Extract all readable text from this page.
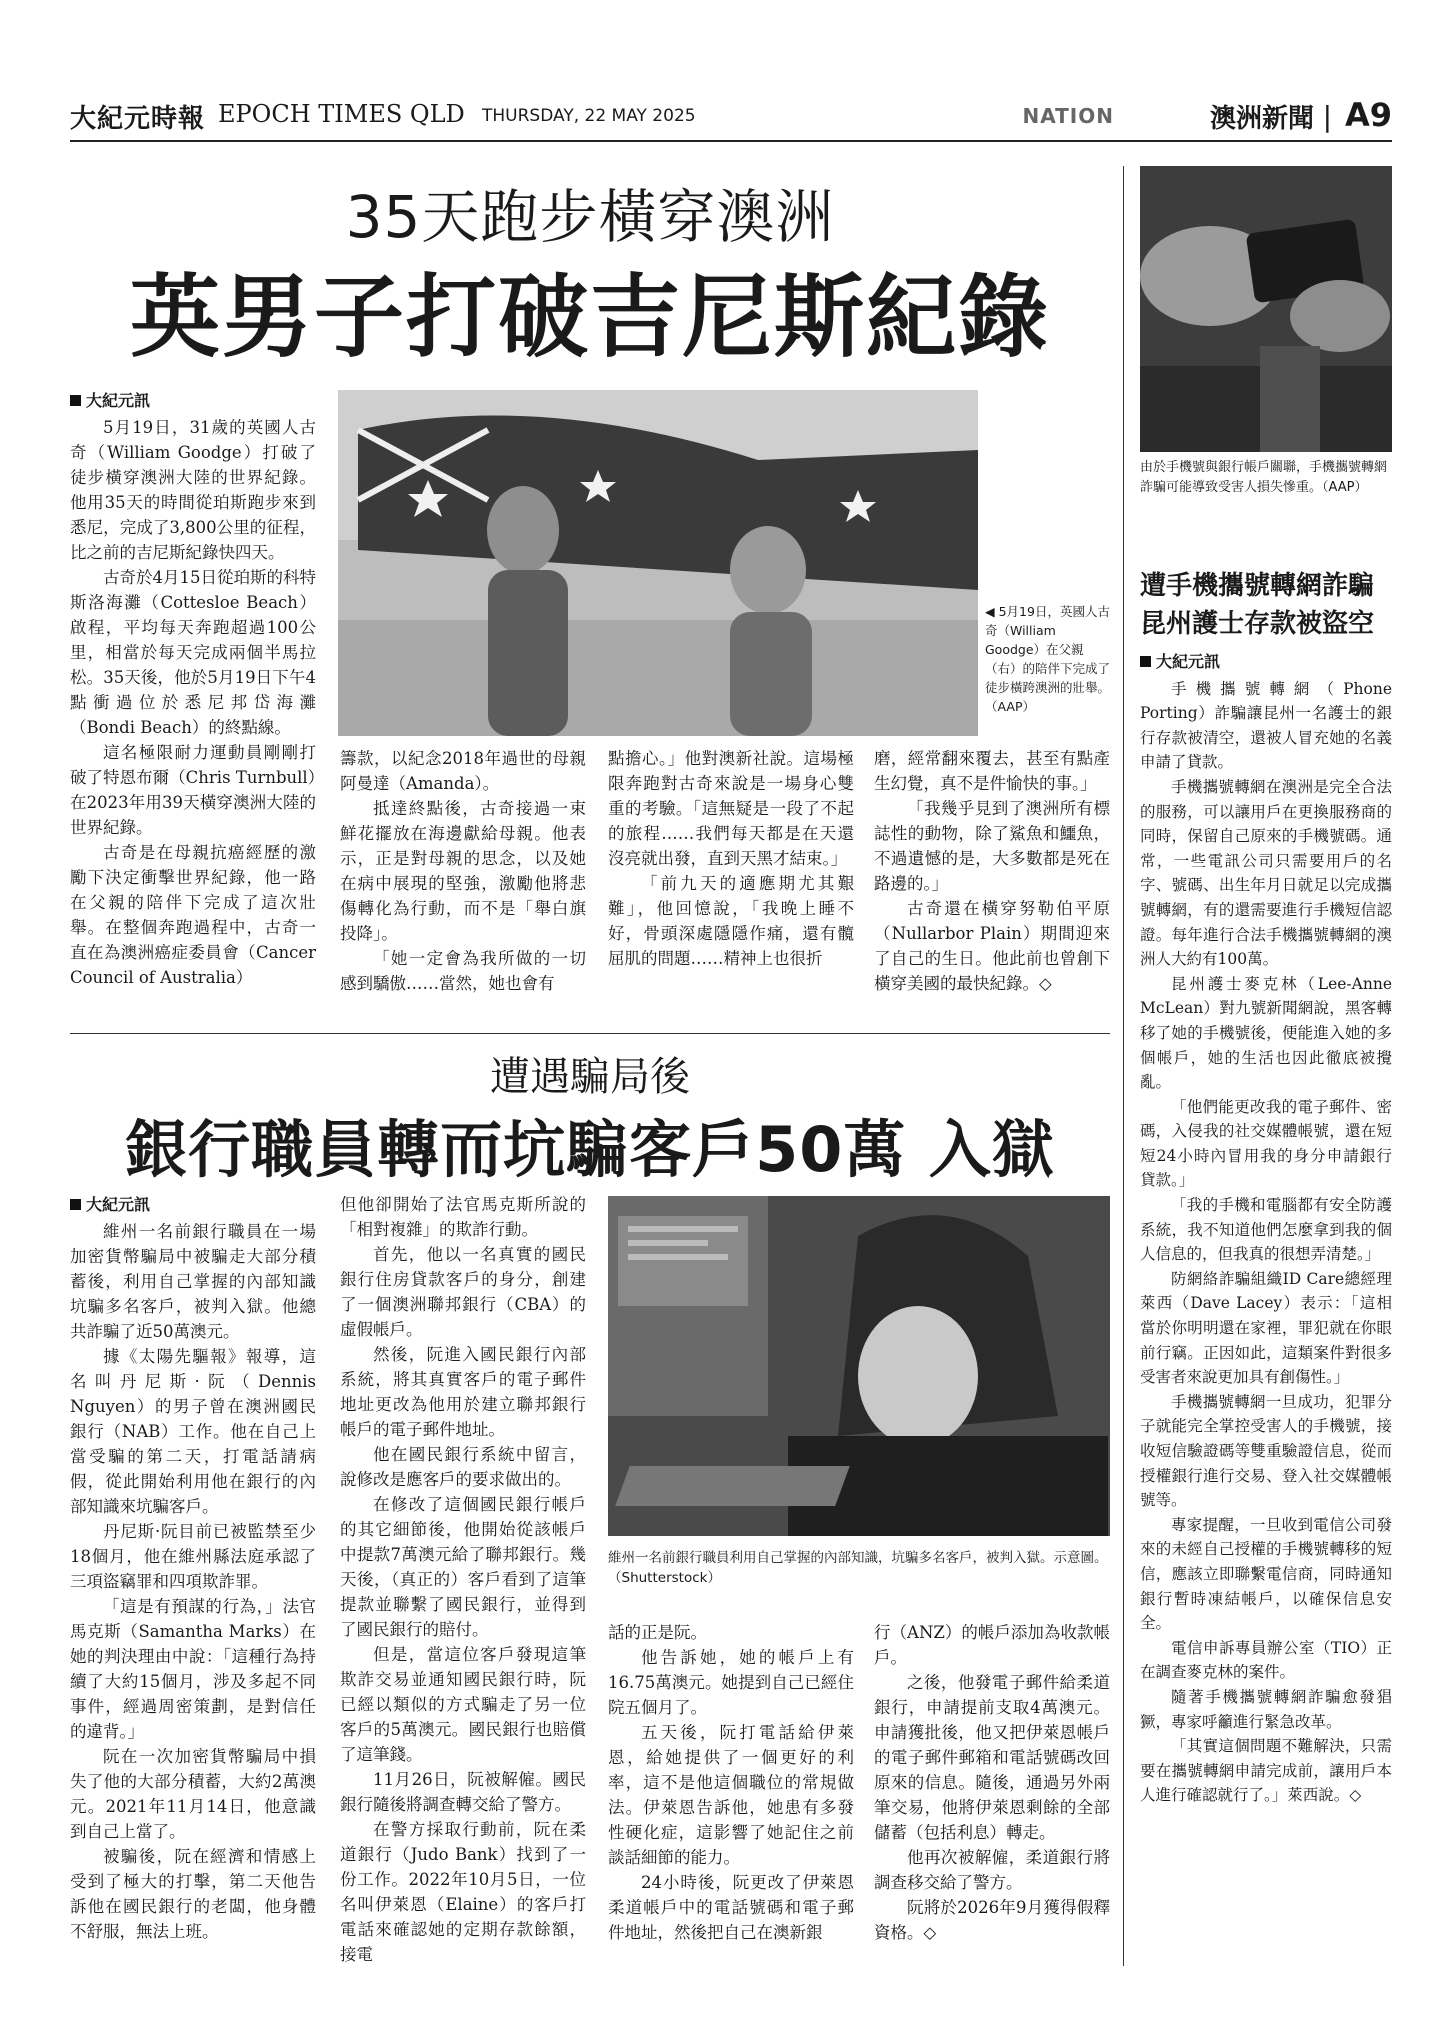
大紀元時報 EPOCH TIMES QLD THURSDAY, 22 MAY 2025	NATION	澳洲新聞 | A9
35天跑步橫穿澳洲
英男子打破吉尼斯紀錄

大紀元訊

5月19日，31歲的英國人古奇（William Goodge）打破了徒步橫穿澳洲大陸的世界紀錄。他用35天的時間從珀斯跑步來到悉尼，完成了3,800公里的征程，比之前的吉尼斯紀錄快四天。

古奇於4月15日從珀斯的科特斯洛海灘（Cottesloe Beach）啟程，平均每天奔跑超過100公里，相當於每天完成兩個半馬拉松。35天後，他於5月19日下午4點衝過位於悉尼邦岱海灘（Bondi Beach）的終點線。

這名極限耐力運動員剛剛打破了特恩布爾（Chris Turnbull）在2023年用39天橫穿澳洲大陸的世界紀錄。

古奇是在母親抗癌經歷的激勵下決定衝擊世界紀錄，他一路在父親的陪伴下完成了這次壯舉。在整個奔跑過程中，古奇一直在為澳洲癌症委員會（Cancer Council of Australia）

◀ 5月19日，英國人古奇（William Goodge）在父親（右）的陪伴下完成了徒步橫跨澳洲的壯舉。（AAP）

籌款，以紀念2018年過世的母親阿曼達（Amanda）。

抵達終點後，古奇接過一束鮮花擺放在海邊獻給母親。他表示，正是對母親的思念，以及她在病中展現的堅強，激勵他將悲傷轉化為行動，而不是「舉白旗投降」。

「她一定會為我所做的一切感到驕傲……當然，她也會有

點擔心。」他對澳新社說。這場極限奔跑對古奇來說是一場身心雙重的考驗。「這無疑是一段了不起的旅程……我們每天都是在天還沒亮就出發，直到天黑才結束。」

「前九天的適應期尤其艱難」，他回憶說，「我晚上睡不好，骨頭深處隱隱作痛，還有髖屈肌的問題……精神上也很折

磨，經常翻來覆去，甚至有點產生幻覺，真不是件愉快的事。」

「我幾乎見到了澳洲所有標誌性的動物，除了鯊魚和鱷魚，不過遺憾的是，大多數都是死在路邊的。」

古奇還在橫穿努勒伯平原（Nullarbor Plain）期間迎來了自己的生日。他此前也曾創下橫穿美國的最快紀錄。◇

遭遇騙局後
銀行職員轉而坑騙客戶50萬 入獄

大紀元訊

維州一名前銀行職員在一場加密貨幣騙局中被騙走大部分積蓄後，利用自己掌握的內部知識坑騙多名客戶，被判入獄。他總共詐騙了近50萬澳元。

據《太陽先驅報》報導，這名叫丹尼斯·阮（Dennis Nguyen）的男子曾在澳洲國民銀行（NAB）工作。他在自己上當受騙的第二天，打電話請病假，從此開始利用他在銀行的內部知識來坑騙客戶。

丹尼斯·阮目前已被監禁至少18個月，他在維州縣法庭承認了三項盜竊罪和四項欺詐罪。

「這是有預謀的行為，」法官馬克斯（Samantha Marks）在她的判決理由中說：「這種行為持續了大約15個月，涉及多起不同事件，經過周密策劃，是對信任的違背。」

阮在一次加密貨幣騙局中損失了他的大部分積蓄，大約2萬澳元。2021年11月14日，他意識到自己上當了。

被騙後，阮在經濟和情感上受到了極大的打擊，第二天他告訴他在國民銀行的老闆，他身體不舒服，無法上班。

但他卻開始了法官馬克斯所說的「相對複雜」的欺詐行動。

首先，他以一名真實的國民銀行住房貸款客戶的身分，創建了一個澳洲聯邦銀行（CBA）的虛假帳戶。

然後，阮進入國民銀行內部系統，將其真實客戶的電子郵件地址更改為他用於建立聯邦銀行帳戶的電子郵件地址。

他在國民銀行系統中留言，說修改是應客戶的要求做出的。

在修改了這個國民銀行帳戶的其它細節後，他開始從該帳戶中提款7萬澳元給了聯邦銀行。幾天後，（真正的）客戶看到了這筆提款並聯繫了國民銀行，並得到了國民銀行的賠付。

但是，當這位客戶發現這筆欺詐交易並通知國民銀行時，阮已經以類似的方式騙走了另一位客戶的5萬澳元。國民銀行也賠償了這筆錢。

11月26日，阮被解僱。國民銀行隨後將調查轉交給了警方。

在警方採取行動前，阮在柔道銀行（Judo Bank）找到了一份工作。2022年10月5日，一位名叫伊萊恩（Elaine）的客戶打電話來確認她的定期存款餘額，接電

維州一名前銀行職員利用自己掌握的內部知識，坑騙多名客戶，被判入獄。示意圖。（Shutterstock）

話的正是阮。

他告訴她，她的帳戶上有16.75萬澳元。她提到自己已經住院五個月了。

五天後，阮打電話給伊萊恩，給她提供了一個更好的利率，這不是他這個職位的常規做法。伊萊恩告訴他，她患有多發性硬化症，這影響了她記住之前談話細節的能力。

24小時後，阮更改了伊萊恩柔道帳戶中的電話號碼和電子郵件地址，然後把自己在澳新銀

行（ANZ）的帳戶添加為收款帳戶。

之後，他發電子郵件給柔道銀行，申請提前支取4萬澳元。申請獲批後，他又把伊萊恩帳戶的電子郵件郵箱和電話號碼改回原來的信息。隨後，通過另外兩筆交易，他將伊萊恩剩餘的全部儲蓄（包括利息）轉走。

他再次被解僱，柔道銀行將調查移交給了警方。

阮將於2026年9月獲得假釋資格。◇

由於手機號與銀行帳戶關聯，手機攜號轉網詐騙可能導致受害人損失慘重。（AAP）
遭手機攜號轉網詐騙 昆州護士存款被盜空

大紀元訊

手機攜號轉網（Phone Porting）詐騙讓昆州一名護士的銀行存款被清空，還被人冒充她的名義申請了貸款。

手機攜號轉網在澳洲是完全合法的服務，可以讓用戶在更換服務商的同時，保留自己原來的手機號碼。通常，一些電訊公司只需要用戶的名字、號碼、出生年月日就足以完成攜號轉網，有的還需要進行手機短信認證。每年進行合法手機攜號轉網的澳洲人大約有100萬。

昆州護士麥克林（Lee-Anne McLean）對九號新聞網說，黑客轉移了她的手機號後，便能進入她的多個帳戶，她的生活也因此徹底被攪亂。

「他們能更改我的電子郵件、密碼，入侵我的社交媒體帳號，還在短短24小時內冒用我的身分申請銀行貸款。」

「我的手機和電腦都有安全防護系統，我不知道他們怎麼拿到我的個人信息的，但我真的很想弄清楚。」

防網絡詐騙組織ID Care總經理萊西（Dave Lacey）表示：「這相當於你明明還在家裡，罪犯就在你眼前行竊。正因如此，這類案件對很多受害者來說更加具有創傷性。」

手機攜號轉網一旦成功，犯罪分子就能完全掌控受害人的手機號，接收短信驗證碼等雙重驗證信息，從而授權銀行進行交易、登入社交媒體帳號等。

專家提醒，一旦收到電信公司發來的未經自己授權的手機號轉移的短信，應該立即聯繫電信商，同時通知銀行暫時凍結帳戶，以確保信息安全。

電信申訴專員辦公室（TIO）正在調查麥克林的案件。

隨著手機攜號轉網詐騙愈發猖獗，專家呼籲進行緊急改革。

「其實這個問題不難解決，只需要在攜號轉網申請完成前，讓用戶本人進行確認就行了。」萊西說。◇
